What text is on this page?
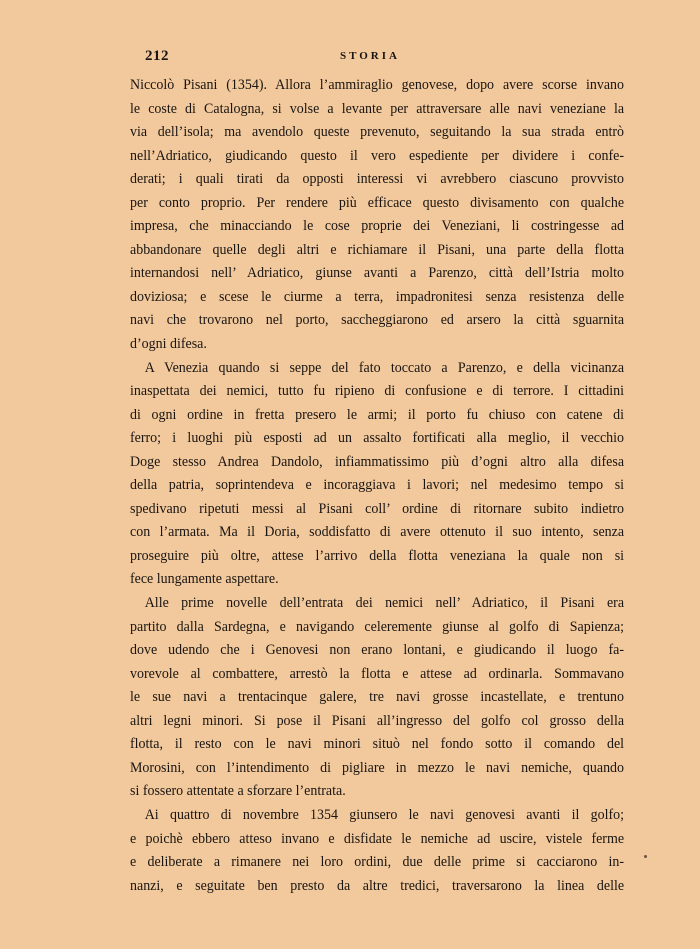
212	STORIA
Niccolò Pisani (1354). Allora l’ammiraglio genovese, dopo avere scorse invano
le coste di Catalogna, si volse a levante per attraversare alle navi veneziane la
via dell’isola; ma avendolo queste prevenuto, seguitando la sua strada entrò
nell’Adriatico, giudicando questo il vero espediente per dividere i confe-
derati; i quali tirati da opposti interessi vi avrebbero ciascuno provvisto
per conto proprio. Per rendere più efficace questo divisamento con qualche
impresa, che minacciando le cose proprie dei Veneziani, li costringesse ad
abbandonare quelle degli altri e richiamare il Pisani, una parte della flotta
internandosi nell’ Adriatico, giunse avanti a Parenzo, città dell’Istria molto
doviziosa; e scese le ciurme a terra, impadronitesi senza resistenza delle
navi che trovarono nel porto, saccheggiarono ed arsero la città sguarnita
d’ogni difesa.
A Venezia quando si seppe del fato toccato a Parenzo, e della vicinanza
inaspettata dei nemici, tutto fu ripieno di confusione e di terrore. I cittadini
di ogni ordine in fretta presero le armi; il porto fu chiuso con catene di
ferro; i luoghi più esposti ad un assalto fortificati alla meglio, il vecchio
Doge stesso Andrea Dandolo, infiammatissimo più d’ogni altro alla difesa
della patria, soprintendeva e incoraggiava i lavori; nel medesimo tempo si
spedivano ripetuti messi al Pisani coll’ ordine di ritornare subito indietro
con l’armata. Ma il Doria, soddisfatto di avere ottenuto il suo intento, senza
proseguire più oltre, attese l’arrivo della flotta veneziana la quale non si
fece lungamente aspettare.
Alle prime novelle dell’entrata dei nemici nell’ Adriatico, il Pisani era
partito dalla Sardegna, e navigando celeremente giunse al golfo di Sapienza;
dove udendo che i Genovesi non erano lontani, e giudicando il luogo fa-
vorevole al combattere, arrestò la flotta e attese ad ordinarla. Sommavano
le sue navi a trentacinque galere, tre navi grosse incastellate, e trentuno
altri legni minori. Si pose il Pisani all’ingresso del golfo col grosso della
flotta, il resto con le navi minori situò nel fondo sotto il comando del
Morosini, con l’intendimento di pigliare in mezzo le navi nemiche, quando
si fossero attentate a sforzare l’entrata.
Ai quattro di novembre 1354 giunsero le navi genovesi avanti il golfo;
e poichè ebbero atteso invano e disfidate le nemiche ad uscire, vistele ferme
e deliberate a rimanere nei loro ordini, due delle prime si cacciarono in-
nanzi, e seguitate ben presto da altre tredici, traversarono la linea delle
